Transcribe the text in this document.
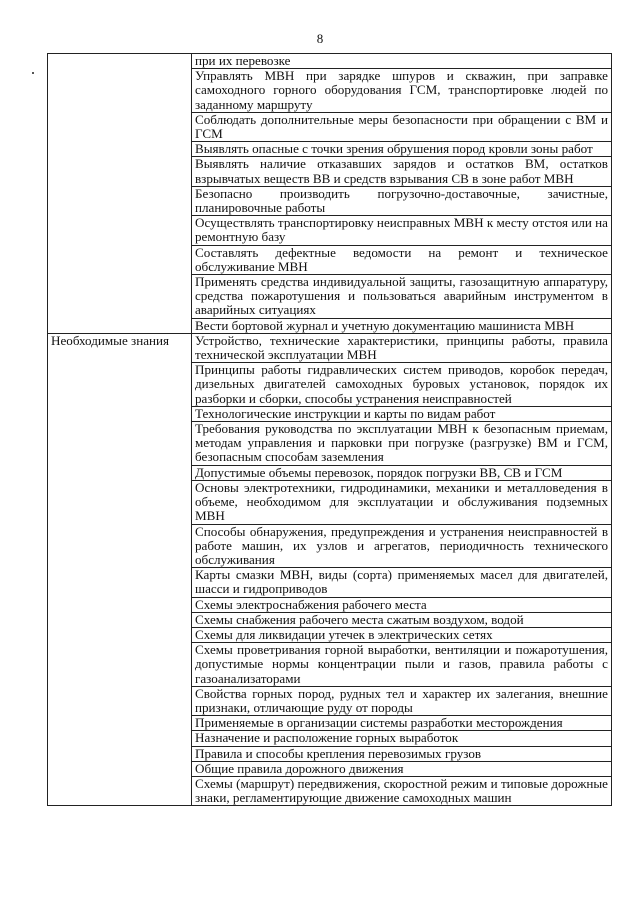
8
	при их перевозке
	Управлять МВН при зарядке шпуров и скважин, при заправке самоходного горного оборудования ГСМ, транспортировке людей по заданному маршруту
	Соблюдать дополнительные меры безопасности при обращении с ВМ и ГСМ
	Выявлять опасные с точки зрения обрушения пород кровли зоны работ
	Выявлять наличие отказавших зарядов и остатков ВМ, остатков взрывчатых веществ ВВ и средств взрывания СВ в зоне работ МВН
	Безопасно производить погрузочно-доставочные, зачистные, планировочные работы
	Осуществлять транспортировку неисправных МВН к месту отстоя или на ремонтную базу
	Составлять дефектные ведомости на ремонт и техническое обслуживание МВН
	Применять средства индивидуальной защиты, газозащитную аппаратуру, средства пожаротушения и пользоваться аварийным инструментом в аварийных ситуациях
	Вести бортовой журнал и учетную документацию машиниста МВН
Необходимые знания	Устройство, технические характеристики, принципы работы, правила технической эксплуатации МВН
	Принципы работы гидравлических систем приводов, коробок передач, дизельных двигателей самоходных буровых установок, порядок их разборки и сборки, способы устранения неисправностей
	Технологические инструкции и карты по видам работ
	Требования руководства по эксплуатации МВН к безопасным приемам, методам управления и парковки при погрузке (разгрузке) ВМ и ГСМ, безопасным способам заземления
	Допустимые объемы перевозок, порядок погрузки ВВ, СВ и ГСМ
	Основы электротехники, гидродинамики, механики и металловедения в объеме, необходимом для эксплуатации и обслуживания подземных МВН
	Способы обнаружения, предупреждения и устранения неисправностей в работе машин, их узлов и агрегатов, периодичность технического обслуживания
	Карты смазки МВН, виды (сорта) применяемых масел для двигателей, шасси и гидроприводов
	Схемы электроснабжения рабочего места
	Схемы снабжения рабочего места сжатым воздухом, водой
	Схемы для ликвидации утечек в электрических сетях
	Схемы проветривания горной выработки, вентиляции и пожаротушения, допустимые нормы концентрации пыли и газов, правила работы с газоанализаторами
	Свойства горных пород, рудных тел и характер их залегания, внешние признаки, отличающие руду от породы
	Применяемые в организации системы разработки месторождения
	Назначение и расположение горных выработок
	Правила и способы крепления перевозимых грузов
	Общие правила дорожного движения
	Схемы (маршрут) передвижения, скоростной режим и типовые дорожные знаки, регламентирующие движение самоходных машин
